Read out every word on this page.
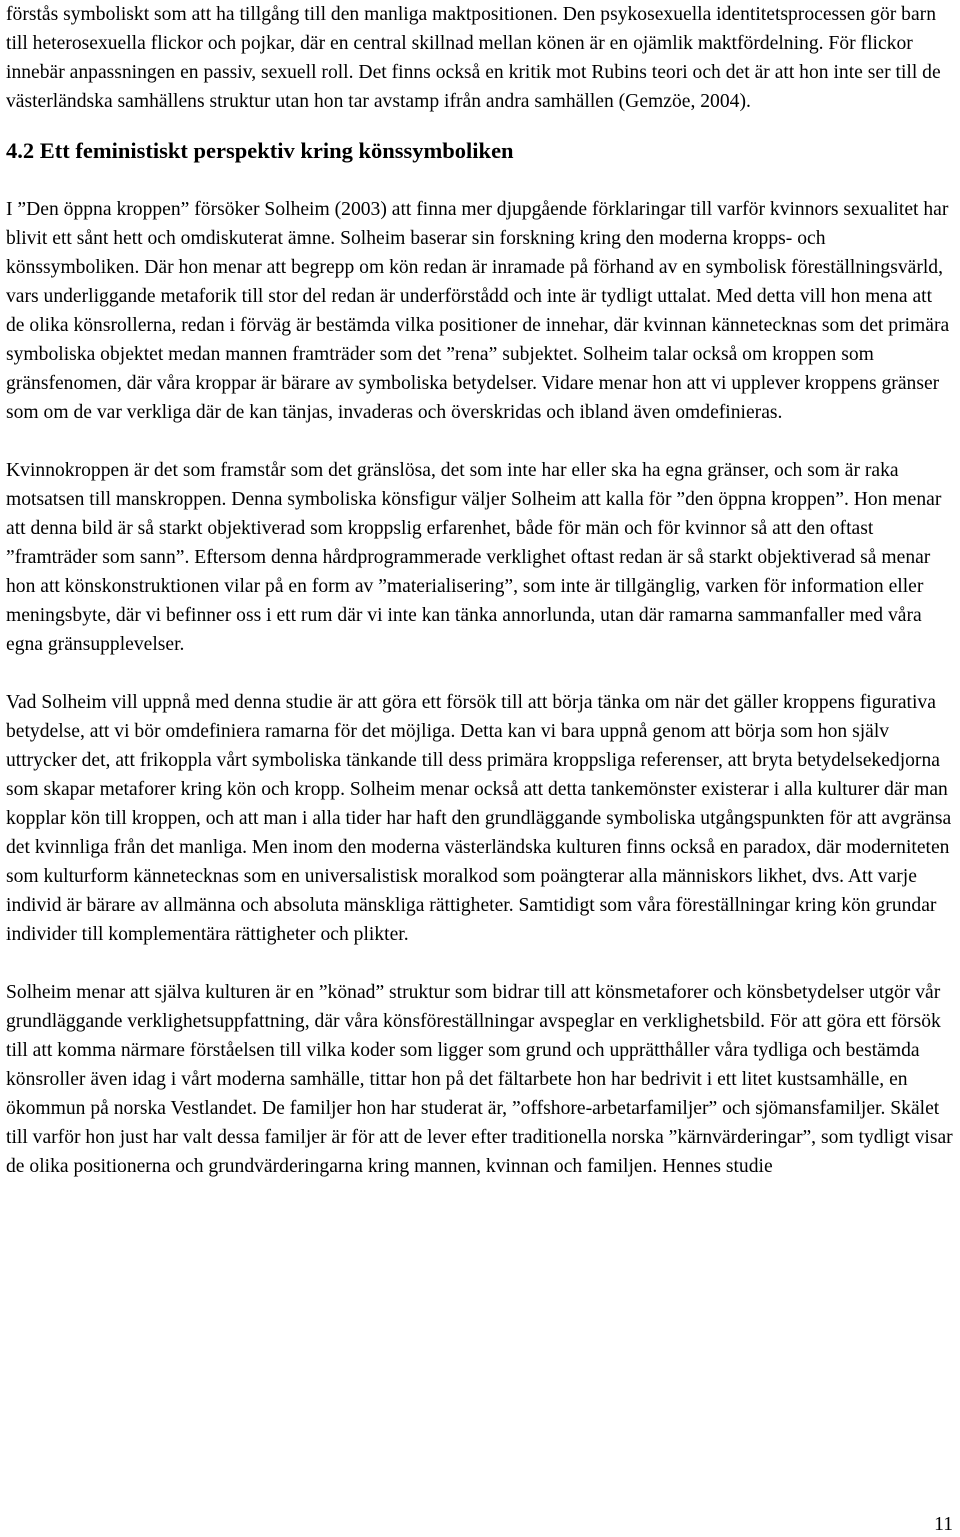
förstås symboliskt som att ha tillgång till den manliga maktpositionen. Den psykosexuella identitetsprocessen gör barn till heterosexuella flickor och pojkar, där en central skillnad mellan könen är en ojämlik maktfördelning. För flickor innebär anpassningen en passiv, sexuell roll. Det finns också en kritik mot Rubins teori och det är att hon inte ser till de västerländska samhällens struktur utan hon tar avstamp ifrån andra samhällen (Gemzöe, 2004).

4.2 Ett feministiskt perspektiv kring könssymboliken

I ”Den öppna kroppen” försöker Solheim (2003) att finna mer djupgående förklaringar till varför kvinnors sexualitet har blivit ett sånt hett och omdiskuterat ämne. Solheim baserar sin forskning kring den moderna kropps- och könssymboliken. Där hon menar att begrepp om kön redan är inramade på förhand av en symbolisk föreställningsvärld, vars underliggande metaforik till stor del redan är underförstådd och inte är tydligt uttalat. Med detta vill hon mena att de olika könsrollerna, redan i förväg är bestämda vilka positioner de innehar, där kvinnan kännetecknas som det primära symboliska objektet medan mannen framträder som det ”rena” subjektet. Solheim talar också om kroppen som gränsfenomen, där våra kroppar är bärare av symboliska betydelser. Vidare menar hon att vi upplever kroppens gränser som om de var verkliga där de kan tänjas, invaderas och överskridas och ibland även omdefinieras.

Kvinnokroppen är det som framstår som det gränslösa, det som inte har eller ska ha egna gränser, och som är raka motsatsen till manskroppen. Denna symboliska könsfigur väljer Solheim att kalla för ”den öppna kroppen”. Hon menar att denna bild är så starkt objektiverad som kroppslig erfarenhet, både för män och för kvinnor så att den oftast ”framträder som sann”. Eftersom denna hårdprogrammerade verklighet oftast redan är så starkt objektiverad så menar hon att könskonstruktionen vilar på en form av ”materialisering”, som inte är tillgänglig, varken för information eller meningsbyte, där vi befinner oss i ett rum där vi inte kan tänka annorlunda, utan där ramarna sammanfaller med våra egna gränsupplevelser.

Vad Solheim vill uppnå med denna studie är att göra ett försök till att börja tänka om när det gäller kroppens figurativa betydelse, att vi bör omdefiniera ramarna för det möjliga. Detta kan vi bara uppnå genom att börja som hon själv uttrycker det, att frikoppla vårt symboliska tänkande till dess primära kroppsliga referenser, att bryta betydelsekedjorna som skapar metaforer kring kön och kropp. Solheim menar också att detta tankemönster existerar i alla kulturer där man kopplar kön till kroppen, och att man i alla tider har haft den grundläggande symboliska utgångspunkten för att avgränsa det kvinnliga från det manliga. Men inom den moderna västerländska kulturen finns också en paradox, där moderniteten som kulturform kännetecknas som en universalistisk moralkod som poängterar alla människors likhet, dvs. Att varje individ är bärare av allmänna och absoluta mänskliga rättigheter. Samtidigt som våra föreställningar kring kön grundar individer till komplementära rättigheter och plikter.

Solheim menar att själva kulturen är en ”könad” struktur som bidrar till att könsmetaforer och könsbetydelser utgör vår grundläggande verklighetsuppfattning, där våra könsföreställningar avspeglar en verklighetsbild. För att göra ett försök till att komma närmare förståelsen till vilka koder som ligger som grund och upprätthåller våra tydliga och bestämda könsroller även idag i vårt moderna samhälle, tittar hon på det fältarbete hon har bedrivit i ett litet kustsamhälle, en ökommun på norska Vestlandet. De familjer hon har studerat är, ”offshore-arbetarfamiljer” och sjömansfamiljer. Skälet till varför hon just har valt dessa familjer är för att de lever efter traditionella norska ”kärnvärderingar”, som tydligt visar de olika positionerna och grundvärderingarna kring mannen, kvinnan och familjen. Hennes studie

11
